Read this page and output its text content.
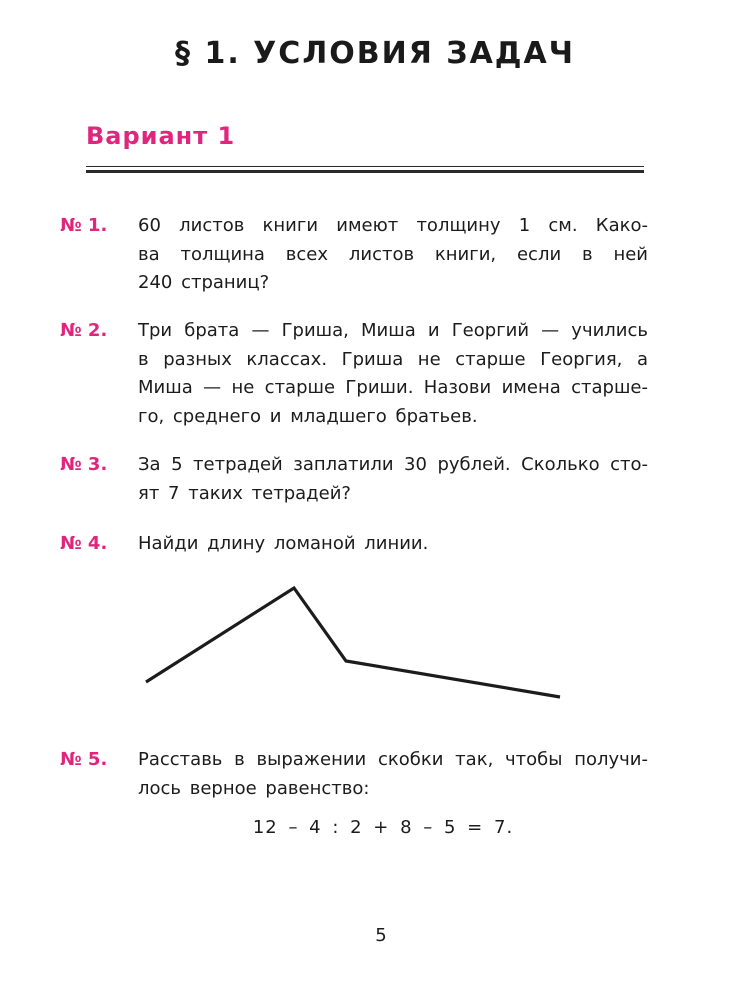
§ 1. УСЛОВИЯ ЗАДАЧ
Вариант 1
№ 1. 60 листов книги имеют толщину 1 см. Како-
ва толщина всех листов книги, если в ней
240 страниц?
№ 2. Три брата — Гриша, Миша и Георгий — учились
в разных классах. Гриша не старше Георгия, а
Миша — не старше Гриши. Назови имена старше-
го, среднего и младшего братьев.
№ 3. За 5 тетрадей заплатили 30 рублей. Сколько сто-
ят 7 таких тетрадей?
№ 4. Найди длину ломаной линии.
№ 5. Расставь в выражении скобки так, чтобы получи-
лось верное равенство:
12 – 4 : 2 + 8 – 5 = 7.
5
